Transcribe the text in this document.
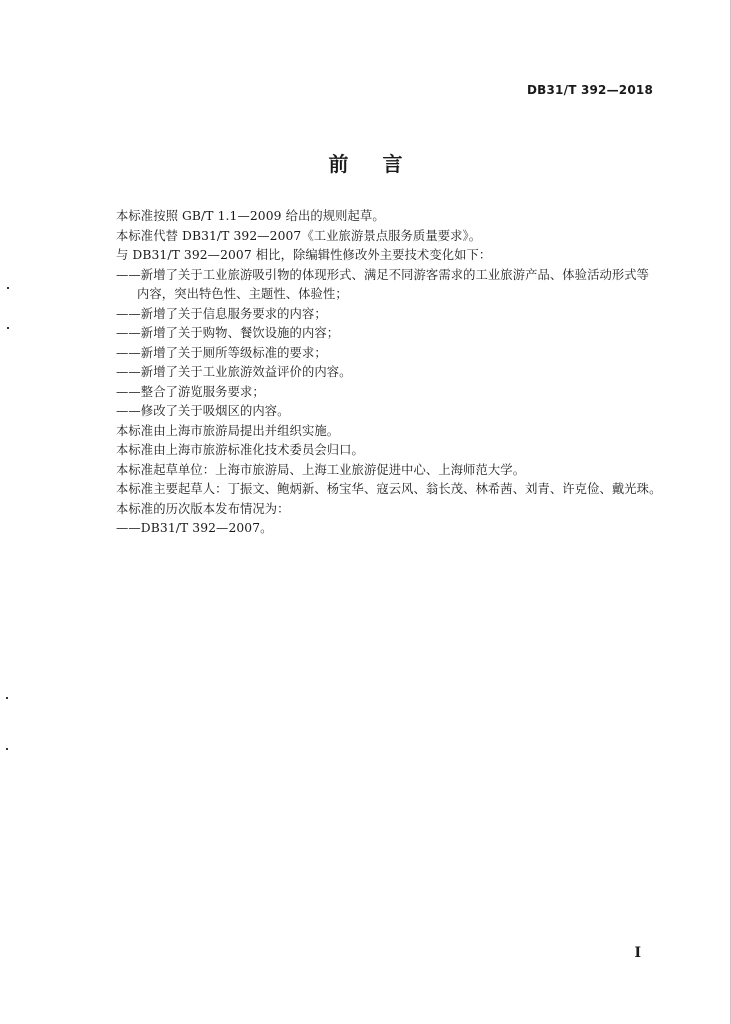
DB31/T 392—2018
前言
本标准按照 GB/T 1.1—2009 给出的规则起草。
本标准代替 DB31/T 392—2007《工业旅游景点服务质量要求》。
与 DB31/T 392—2007 相比，除编辑性修改外主要技术变化如下：
——新增了关于工业旅游吸引物的体现形式、满足不同游客需求的工业旅游产品、体验活动形式等
内容，突出特色性、主题性、体验性；
——新增了关于信息服务要求的内容；
——新增了关于购物、餐饮设施的内容；
——新增了关于厕所等级标准的要求；
——新增了关于工业旅游效益评价的内容。
——整合了游览服务要求；
——修改了关于吸烟区的内容。
本标准由上海市旅游局提出并组织实施。
本标准由上海市旅游标准化技术委员会归口。
本标准起草单位：上海市旅游局、上海工业旅游促进中心、上海师范大学。
本标准主要起草人：丁振文、鲍炳新、杨宝华、寇云风、翁长茂、林希茜、刘青、许克俭、戴光珠。
本标准的历次版本发布情况为：
——DB31/T 392—2007。
I
